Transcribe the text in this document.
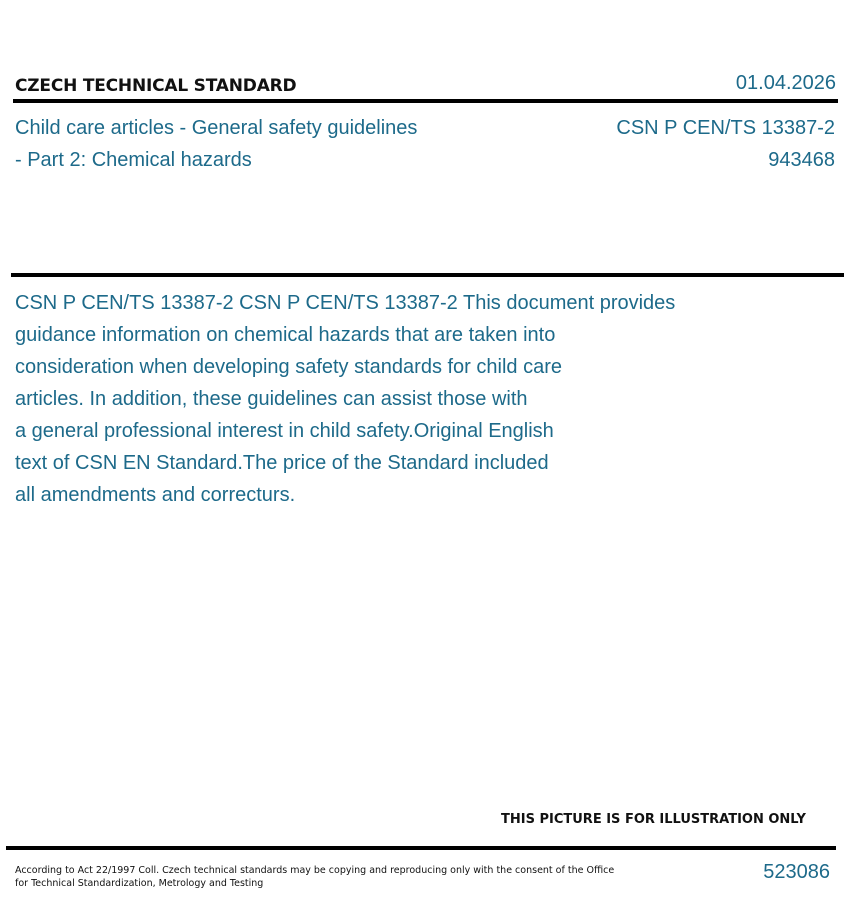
CZECH TECHNICAL STANDARD	01.04.2026
Child care articles - General safety guidelines
- Part 2: Chemical hazards
CSN P CEN/TS 13387-2
943468
CSN P CEN/TS 13387-2 CSN P CEN/TS 13387-2 This document provides
guidance information on chemical hazards that are taken into
consideration when developing safety standards for child care
articles. In addition, these guidelines can assist those with
a general professional interest in child safety.Original English
text of CSN EN Standard.The price of the Standard included
all amendments and correcturs.
THIS PICTURE IS FOR ILLUSTRATION ONLY
According to Act 22/1997 Coll. Czech technical standards may be copying and reproducing only with the consent of the Office
for Technical Standardization, Metrology and Testing
523086
